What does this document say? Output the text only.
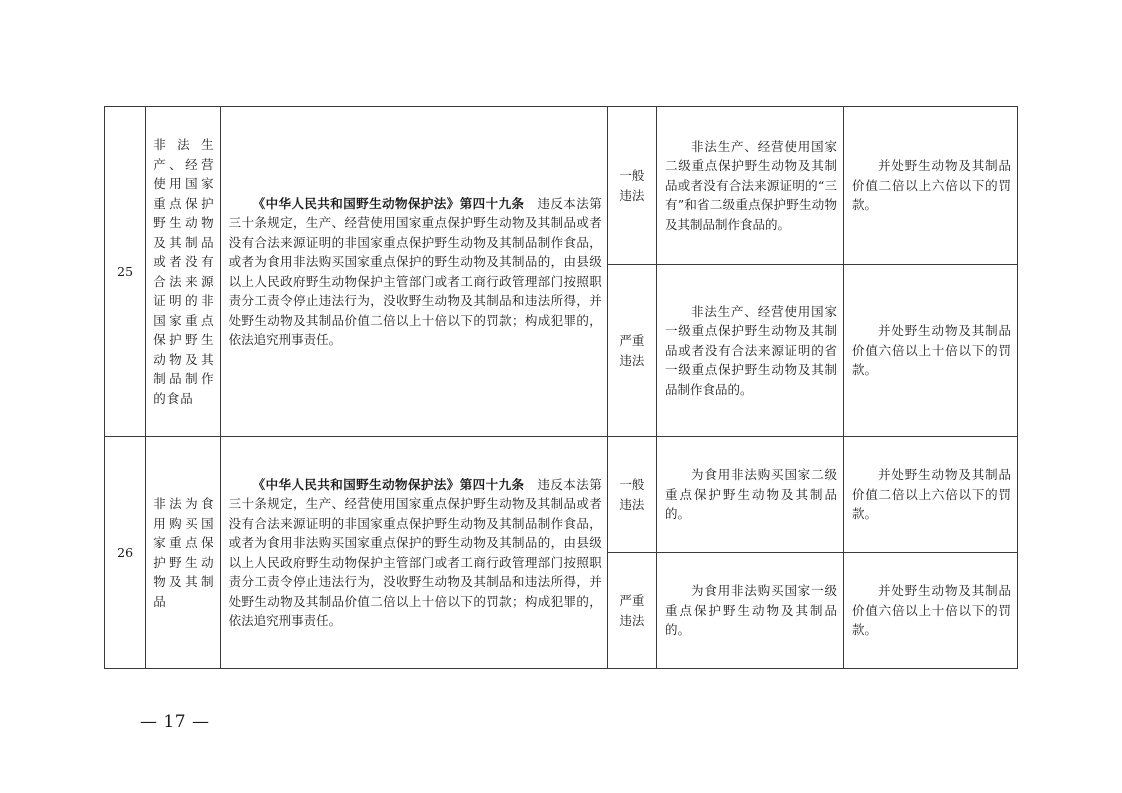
25	非法生产、经营使用国家重点保护野生动物及其制品或者没有合法来源证明的非国家重点保护野生动物及其制品制作的食品	《中华人民共和国野生动物保护法》第四十九条　 违反本法第三十条规定，生产、经营使用国家重点保护野生动物及其制品或者没有合法来源证明的非国家重点保护野生动物及其制品制作食品，或者为食用非法购买国家重点保护的野生动物及其制品的，由县级以上人民政府野生动物保护主管部门或者工商行政管理部门按照职责分工责令停止违法行为，没收野生动物及其制品和违法所得，并处野生动物及其制品价值二倍以上十倍以下的罚款；构成犯罪的，依法追究刑事责任。	一般违法	非法生产、经营使用国家二级重点保护野生动物及其制品或者没有合法来源证明的“三有”和省二级重点保护野生动物及其制品制作食品的。	并处野生动物及其制品价值二倍以上六倍以下的罚款。

			严重违法	非法生产、经营使用国家一级重点保护野生动物及其制品或者没有合法来源证明的省一级重点保护野生动物及其制品制作食品的。	并处野生动物及其制品价值六倍以上十倍以下的罚款。

26	非法为食用购买国家重点保护野生动物及其制品	《中华人民共和国野生动物保护法》第四十九条　 违反本法第三十条规定，生产、经营使用国家重点保护野生动物及其制品或者没有合法来源证明的非国家重点保护野生动物及其制品制作食品，或者为食用非法购买国家重点保护的野生动物及其制品的，由县级以上人民政府野生动物保护主管部门或者工商行政管理部门按照职责分工责令停止违法行为，没收野生动物及其制品和违法所得，并处野生动物及其制品价值二倍以上十倍以下的罚款；构成犯罪的，依法追究刑事责任。	一般违法	为食用非法购买国家二级重点保护野生动物及其制品的。	并处野生动物及其制品价值二倍以上六倍以下的罚款。

			严重违法	为食用非法购买国家一级重点保护野生动物及其制品的。	并处野生动物及其制品价值六倍以上十倍以下的罚款。
— 17 —
